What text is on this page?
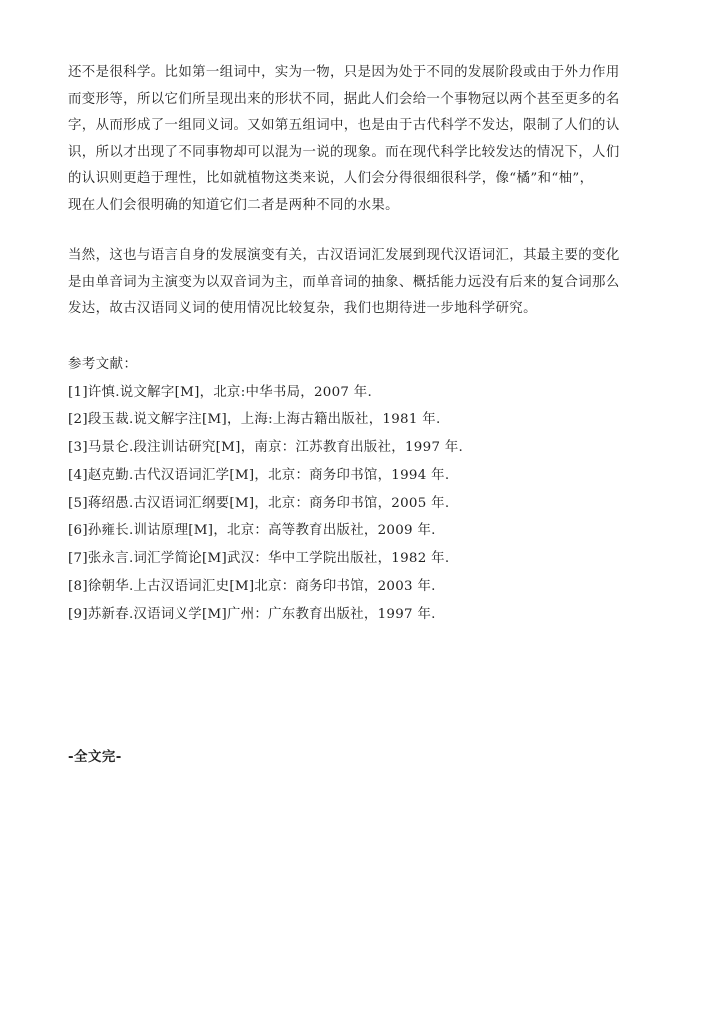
还不是很科学。比如第一组词中，实为一物，只是因为处于不同的发展阶段或由于外力作用
而变形等，所以它们所呈现出来的形状不同，据此人们会给一个事物冠以两个甚至更多的名
字，从而形成了一组同义词。又如第五组词中，也是由于古代科学不发达，限制了人们的认
识，所以才出现了不同事物却可以混为一说的现象。而在现代科学比较发达的情况下，人们
的认识则更趋于理性，比如就植物这类来说，人们会分得很细很科学，像“橘”和“柚”，
现在人们会很明确的知道它们二者是两种不同的水果。

当然，这也与语言自身的发展演变有关，古汉语词汇发展到现代汉语词汇，其最主要的变化
是由单音词为主演变为以双音词为主，而单音词的抽象、概括能力远没有后来的复合词那么
发达，故古汉语同义词的使用情况比较复杂，我们也期待进一步地科学研究。

参考文献：

[1]许慎.说文解字[M]，北京:中华书局，2007 年.
[2]段玉裁.说文解字注[M]，上海:上海古籍出版社，1981 年.
[3]马景仑.段注训诂研究[M]，南京：江苏教育出版社，1997 年.
[4]赵克勤.古代汉语词汇学[M]，北京：商务印书馆，1994 年.
[5]蒋绍愚.古汉语词汇纲要[M]，北京：商务印书馆，2005 年.
[6]孙雍长.训诂原理[M]，北京：高等教育出版社，2009 年.
[7]张永言.词汇学简论[M]武汉：华中工学院出版社，1982 年.
[8]徐朝华.上古汉语词汇史[M]北京：商务印书馆，2003 年.
[9]苏新春.汉语词义学[M]广州：广东教育出版社，1997 年.
-全文完-
